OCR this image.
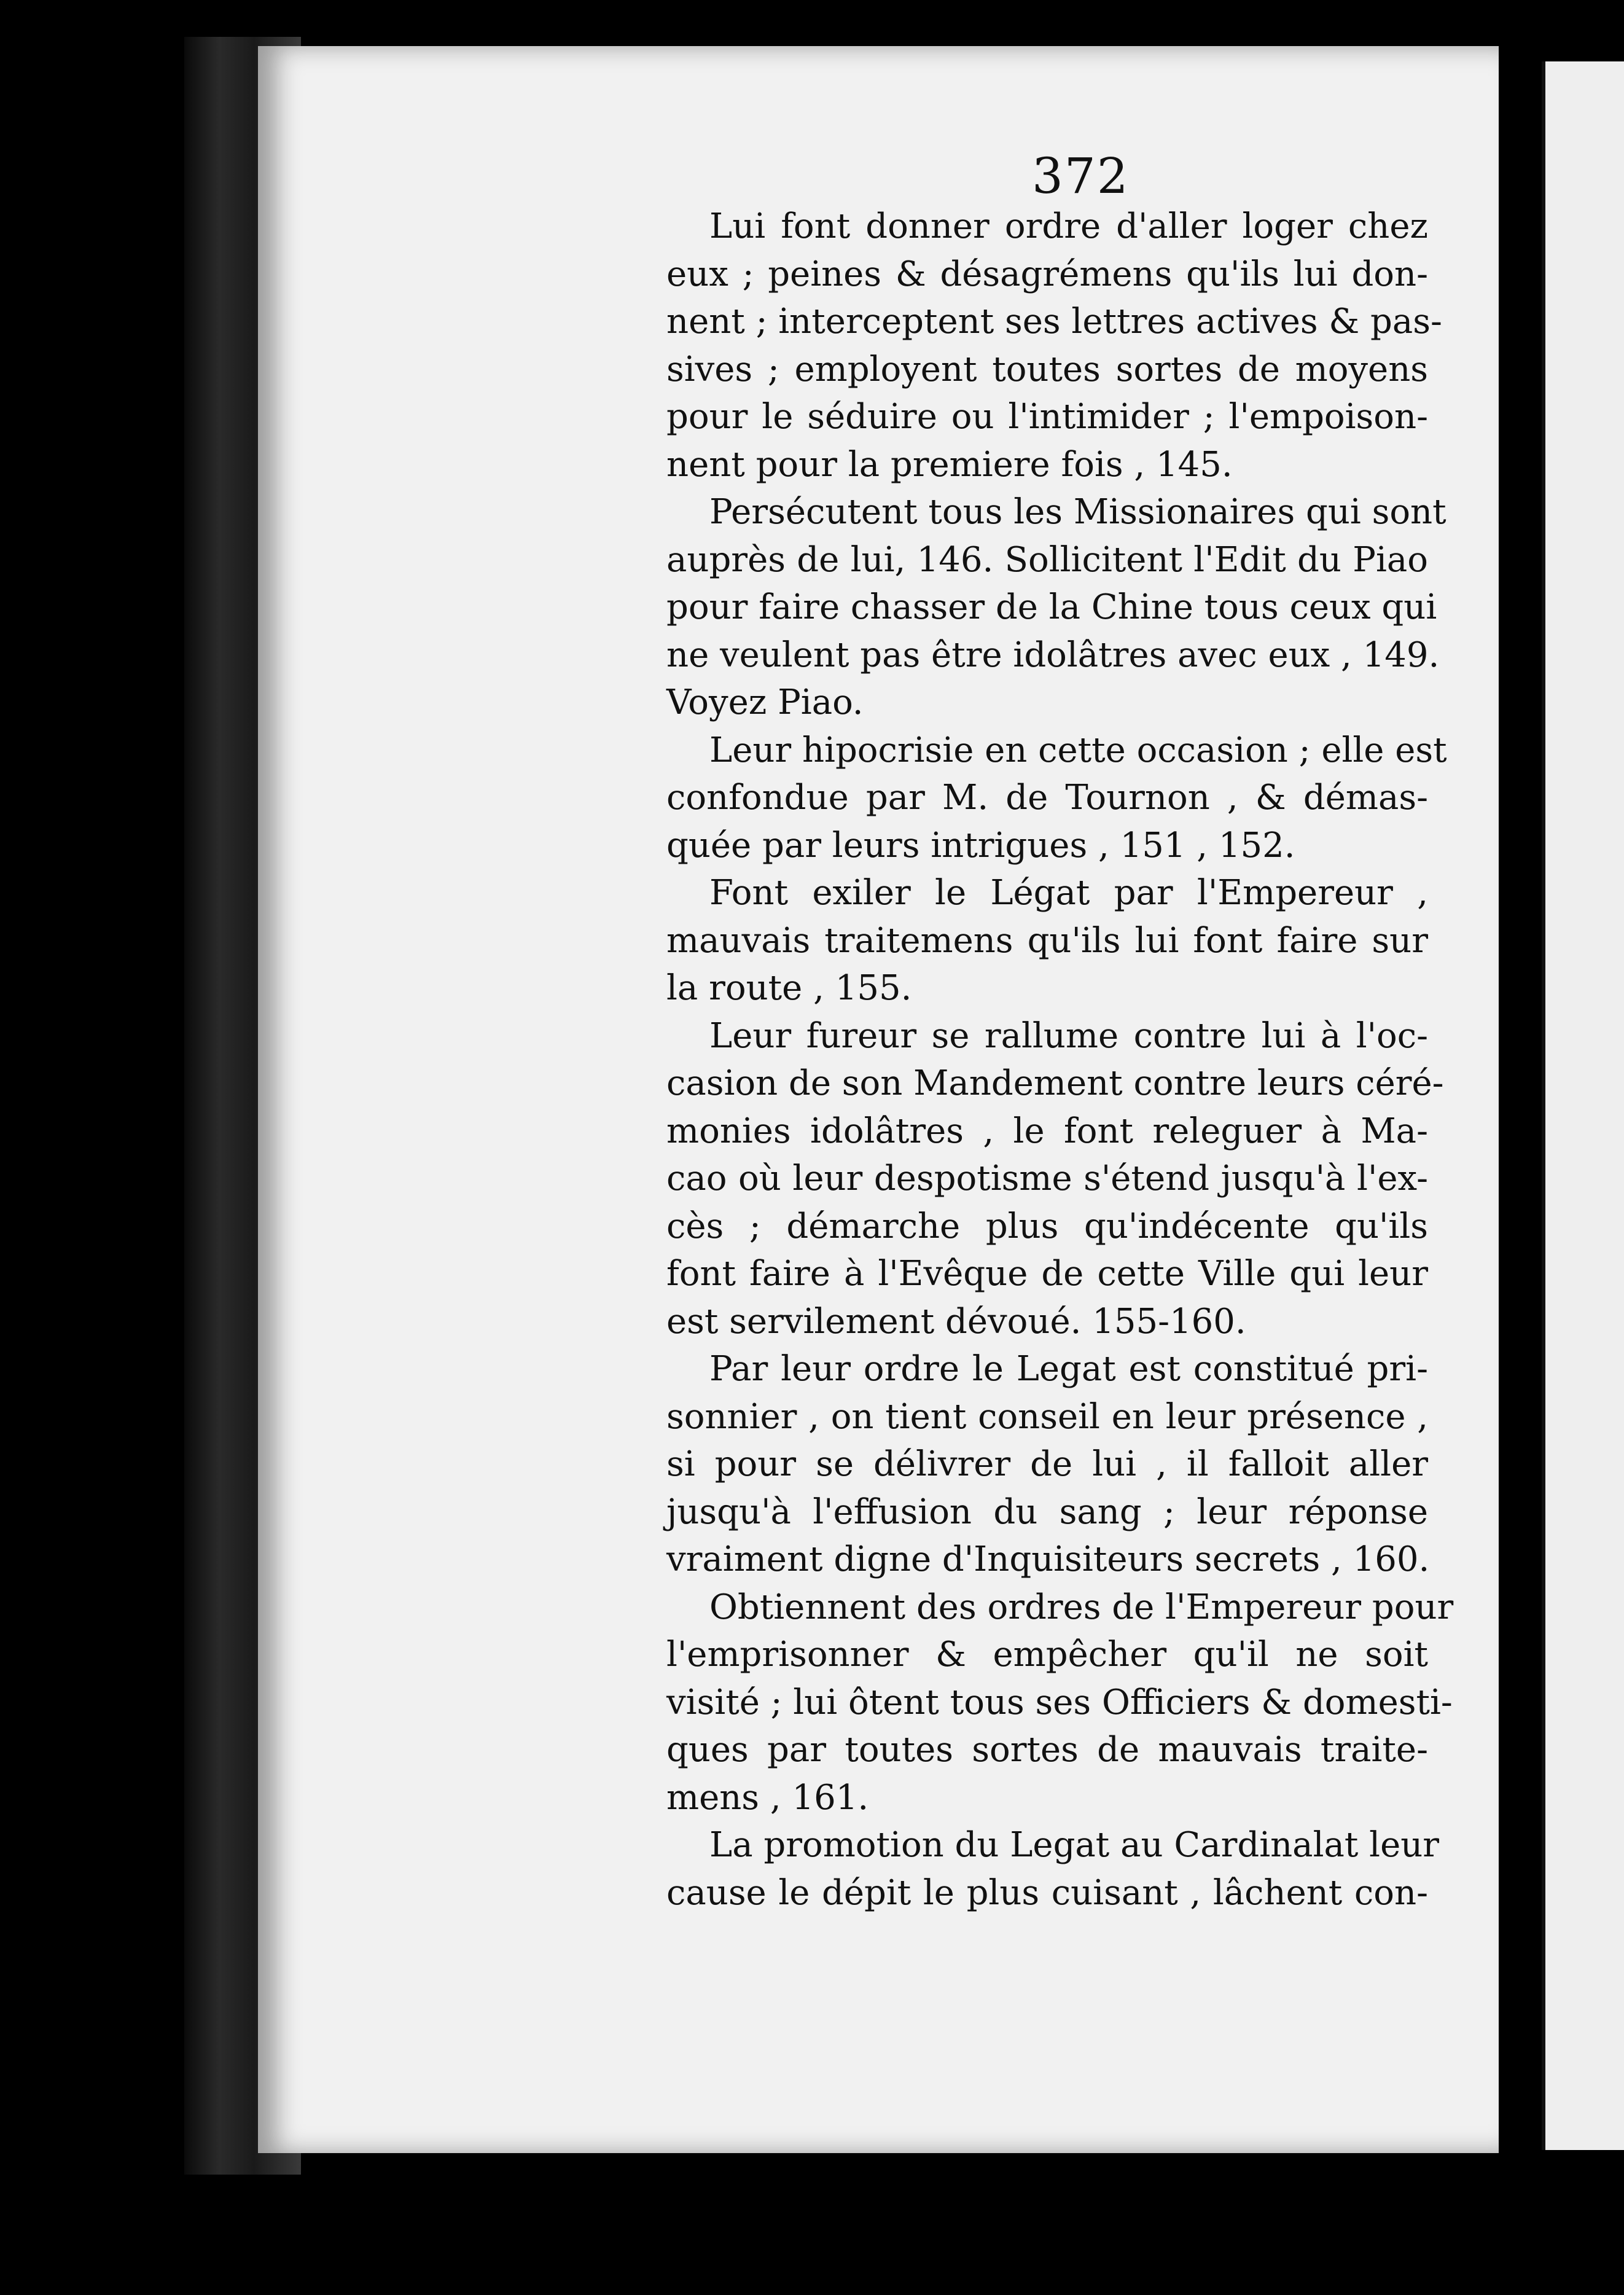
372
Lui font donner ordre d'aller loger chez
eux ; peines & désagrémens qu'ils lui don-
nent ; interceptent ses lettres actives & pas-
sives ; employent toutes sortes de moyens
pour le séduire ou l'intimider ; l'empoison-
nent pour la premiere fois , 145.
Persécutent tous les Missionaires qui sont
auprès de lui, 146. Sollicitent l'Edit du Piao
pour faire chasser de la Chine tous ceux qui
ne veulent pas être idolâtres avec eux , 149.
Voyez Piao.
Leur hipocrisie en cette occasion ; elle est
confondue par M. de Tournon , & démas-
quée par leurs intrigues , 151 , 152.
Font exiler le Légat par l'Empereur ,
mauvais traitemens qu'ils lui font faire sur
la route , 155.
Leur fureur se rallume contre lui à l'oc-
casion de son Mandement contre leurs céré-
monies idolâtres , le font releguer à Ma-
cao où leur despotisme s'étend jusqu'à l'ex-
cès ; démarche plus qu'indécente qu'ils
font faire à l'Evêque de cette Ville qui leur
est servilement dévoué. 155-160.
Par leur ordre le Legat est constitué pri-
sonnier , on tient conseil en leur présence ,
si pour se délivrer de lui , il falloit aller
jusqu'à l'effusion du sang ; leur réponse
vraiment digne d'Inquisiteurs secrets , 160.
Obtiennent des ordres de l'Empereur pour
l'emprisonner & empêcher qu'il ne soit
visité ; lui ôtent tous ses Officiers & domesti-
ques par toutes sortes de mauvais traite-
mens , 161.
La promotion du Legat au Cardinalat leur
cause le dépit le plus cuisant , lâchent con-
